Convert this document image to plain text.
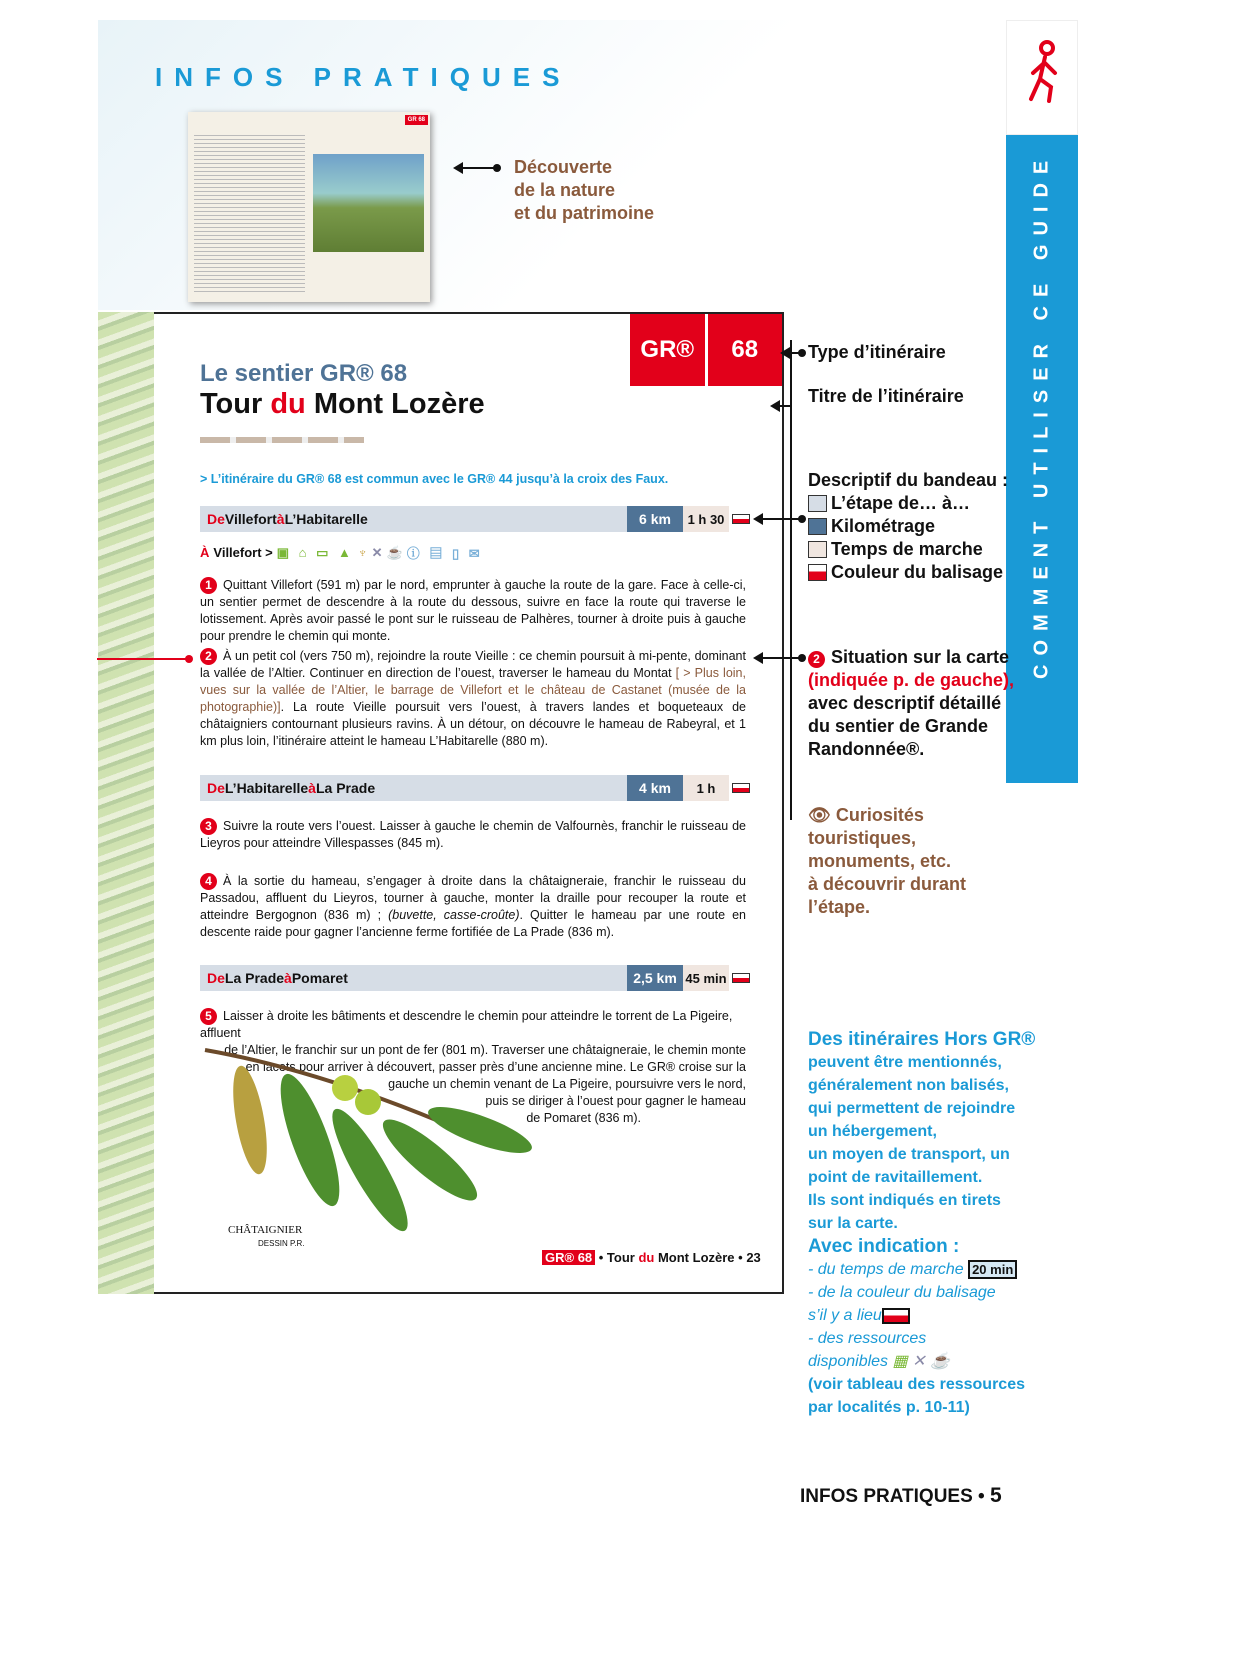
INFOS PRATIQUES
GR 68
Découverte
de la nature
et du patrimoine	COMMENT UTILISER CE GUIDE
GR®	68
Le sentier GR® 68
Tour du Mont Lozère
> L’itinéraire du GR® 68 est commun avec le GR® 44 jusqu’à la croix des Faux.
De Villefort à L’Habitarelle	6 km	1 h 30
À Villefort > ▣ ⌂ ▭ ▲ ♆ ✕ ☕ ⓘ ▤ ▯ ✉
1 Quittant Villefort (591 m) par le nord, emprunter à gauche la route de la gare. Face à celle-ci, un sentier permet de descendre à la route du dessous, suivre en face la route qui traverse le lotissement. Après avoir passé le pont sur le ruisseau de Palhères, tourner à droite puis à gauche pour prendre le chemin qui monte.
2 À un petit col (vers 750 m), rejoindre la route Vieille : ce chemin poursuit à mi-pente, dominant la vallée de l’Altier. Continuer en direction de l’ouest, traverser le hameau du Montat [ > Plus loin, vues sur la vallée de l’Altier, le barrage de Villefort et le château de Castanet (musée de la photographie)]. La route Vieille poursuit vers l’ouest, à travers landes et boqueteaux de châtaigniers contournant plusieurs ravins. À un détour, on découvre le hameau de Rabeyral, et 1 km plus loin, l’itinéraire atteint le hameau L’Habitarelle (880 m).
De L’Habitarelle à La Prade	4 km	1 h
3 Suivre la route vers l’ouest. Laisser à gauche le chemin de Valfournès, franchir le ruisseau de Lieyros pour atteindre Villespasses (845 m).
4 À la sortie du hameau, s’engager à droite dans la châtaigneraie, franchir le ruisseau du Passadou, affluent du Lieyros, tourner à gauche, monter la draille pour recouper la route et atteindre Bergognon (836 m) ; (buvette, casse-croûte). Quitter le hameau par une route en descente raide pour gagner l’ancienne ferme fortifiée de La Prade (836 m).
De La Prade à Pomaret	2,5 km 45 min
5 Laisser à droite les bâtiments et descendre le chemin pour atteindre le torrent de La Pigeire, affluent
de l’Altier, le franchir sur un pont de fer (801 m). Traverser une châtaigneraie, le chemin monte
en lacets pour arriver à découvert, passer près d’une ancienne mine. Le GR® croise sur la
gauche un chemin venant de La Pigeire, poursuivre vers le nord,
puis se diriger à l’ouest pour gagner le hameau
de Pomaret (836 m).
CHÂTAIGNIER
DESSIN P.R.
GR® 68 • Tour du Mont Lozère • 23
Type d’itinéraire
Titre de l’itinéraire
Descriptif du bandeau :
L’étape de… à…
Kilométrage
Temps de marche
Couleur du balisage
2 Situation sur la carte
(indiquée p. de gauche),
avec descriptif détaillé
du sentier de Grande
Randonnée®.
👁 Curiosités
touristiques,
monuments, etc.
à découvrir durant
l’étape.
Des itinéraires Hors GR®
peuvent être mentionnés,
généralement non balisés,
qui permettent de rejoindre
un hébergement,
un moyen de transport, un
point de ravitaillement.
Ils sont indiqués en tirets
sur la carte.
Avec indication :
- du temps de marche 20 min
- de la couleur du balisage
s’il y a lieu
- des ressources
disponibles ▦ ✕ ☕
(voir tableau des ressources
par localités p. 10-11)
INFOS PRATIQUES • 5
